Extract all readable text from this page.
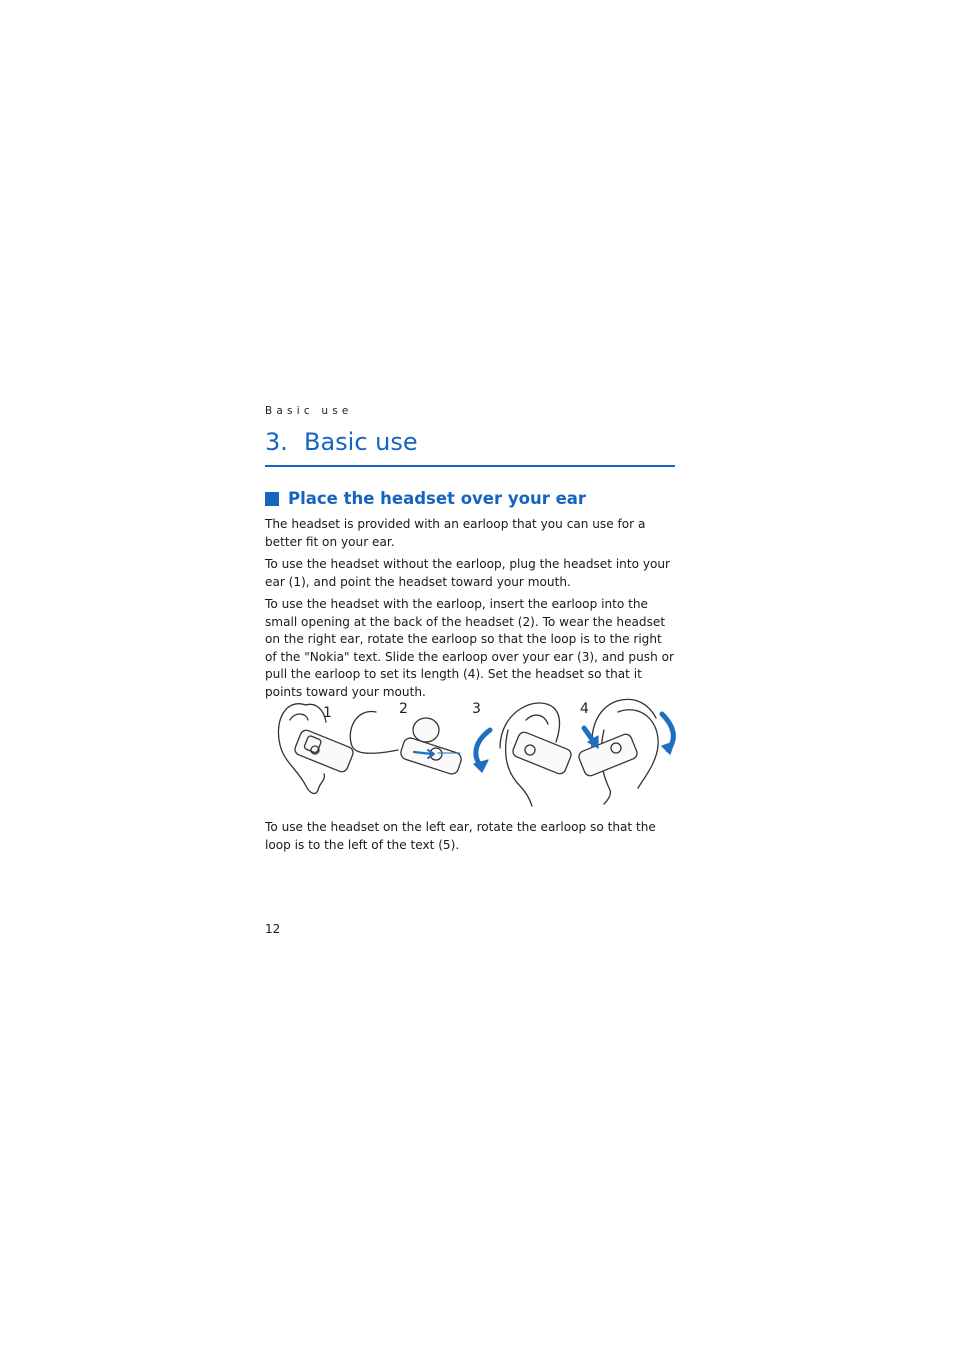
Basic use
3. Basic use
Place the headset over your ear

The headset is provided with an earloop that you can use for a better fit on your ear.

To use the headset without the earloop, plug the headset into your ear (1), and point the headset toward your mouth.

To use the headset with the earloop, insert the earloop into the small opening at the back of the headset (2). To wear the headset on the right ear, rotate the earloop so that the loop is to the right of the "Nokia" text. Slide the earloop over your ear (3), and push or pull the earloop to set its length (4). Set the headset so that it points toward your mouth.

1	2	3	4

To use the headset on the left ear, rotate the earloop so that the loop is to the left of the text (5).

12
